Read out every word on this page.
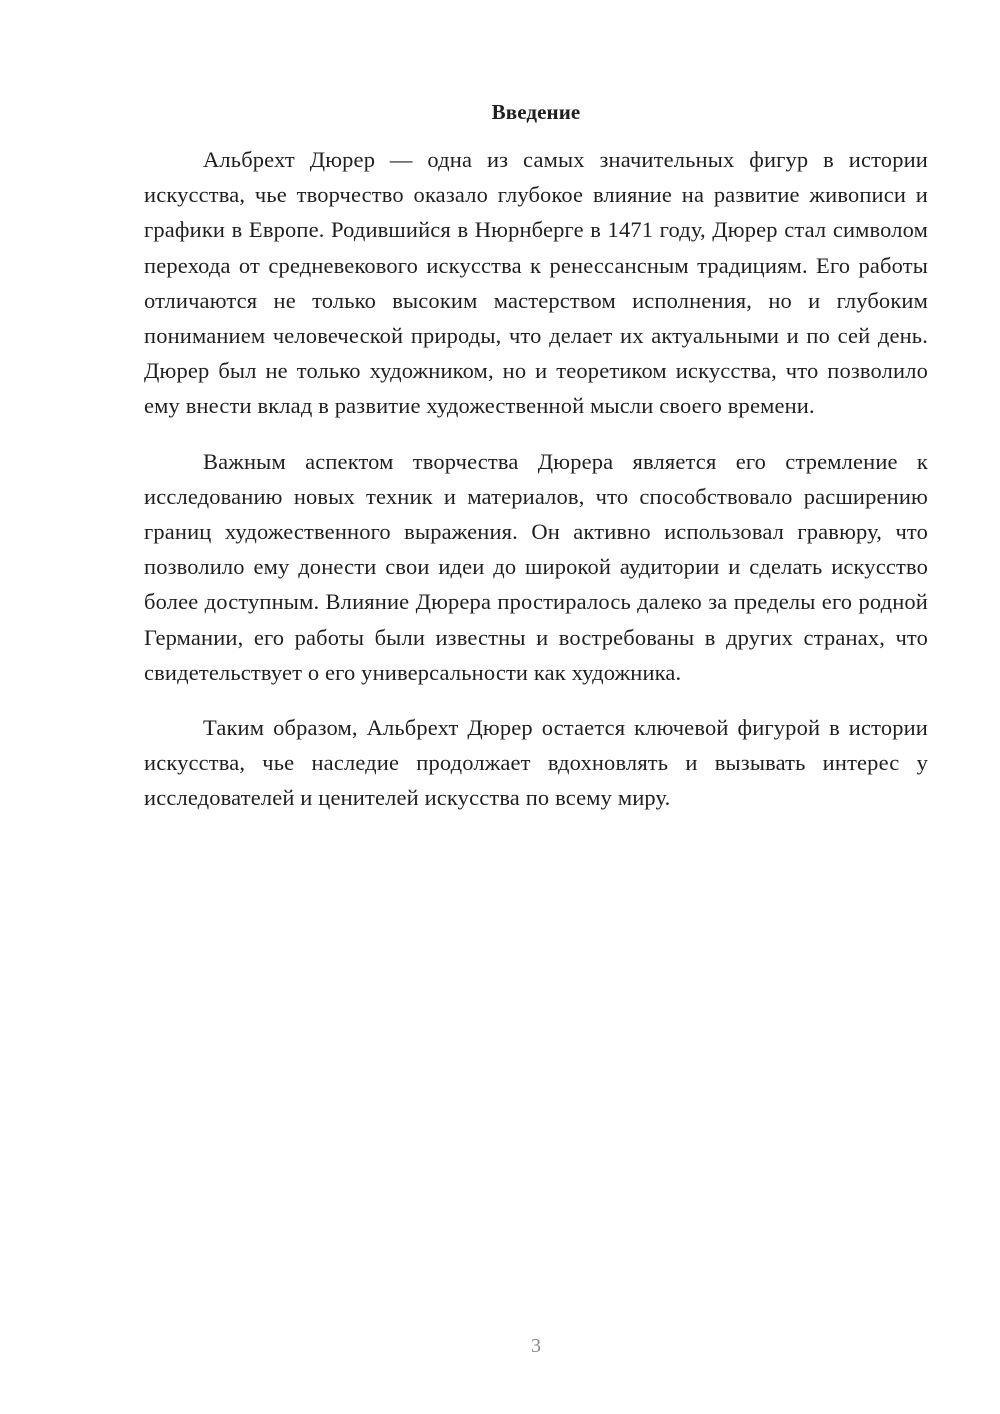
Введение

Альбрехт Дюрер — одна из самых значительных фигур в истории искусства, чье творчество оказало глубокое влияние на развитие живописи и графики в Европе. Родившийся в Нюрнберге в 1471 году, Дюрер стал символом перехода от средневекового искусства к ренессансным традициям. Его работы отличаются не только высоким мастерством исполнения, но и глубоким пониманием человеческой природы, что делает их актуальными и по сей день. Дюрер был не только художником, но и теоретиком искусства, что позволило ему внести вклад в развитие художественной мысли своего времени.

Важным аспектом творчества Дюрера является его стремление к исследованию новых техник и материалов, что способствовало расширению границ художественного выражения. Он активно использовал гравюру, что позволило ему донести свои идеи до широкой аудитории и сделать искусство более доступным. Влияние Дюрера простиралось далеко за пределы его родной Германии, его работы были известны и востребованы в других странах, что свидетельствует о его универсальности как художника.

Таким образом, Альбрехт Дюрер остается ключевой фигурой в истории искусства, чье наследие продолжает вдохновлять и вызывать интерес у исследователей и ценителей искусства по всему миру.

3
